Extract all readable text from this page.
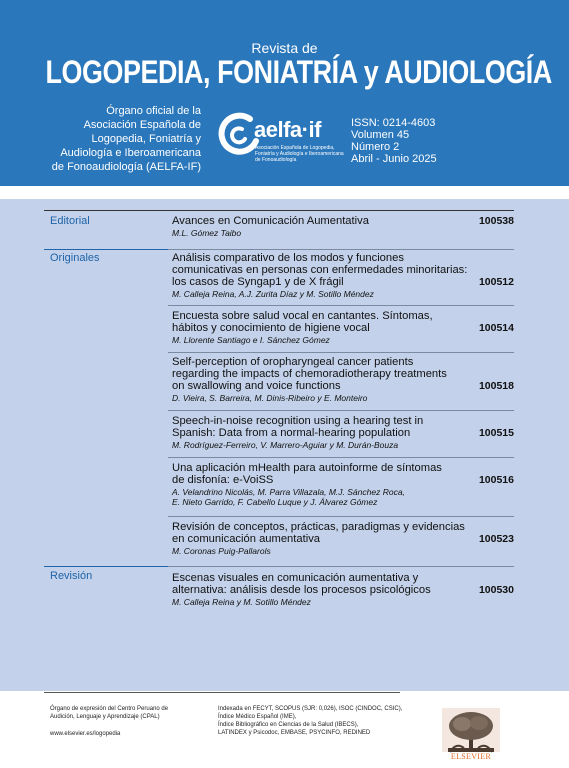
Revista de
LOGOPEDIA, FONIATRÍA y AUDIOLOGÍA
Órgano oficial de la
Asociación Española de
Logopedia, Foniatría y
Audiología e Iberoamericana
de Fonoaudiología (AELFA-IF)
aelfa·if
Asociación Española de Logopedia, Foniatría y Audiología e Iberoamericana de Fonoaudiología
ISSN: 0214-4603
Volumen 45
Número 2
Abril - Junio 2025
Editorial	Avances en Comunicación Aumentativa
M.L. Gómez Taibo
100538
Originales	Análisis comparativo de los modos y funciones
comunicativas en personas con enfermedades minoritarias:
los casos de Syngap1 y de X frágil
M. Calleja Reina, A.J. Zurita Díaz y M. Sotillo Méndez
100512
Encuesta sobre salud vocal en cantantes. Síntomas,
hábitos y conocimiento de higiene vocal
M. Llorente Santiago e I. Sánchez Gómez
100514
Self-perception of oropharyngeal cancer patients
regarding the impacts of chemoradiotherapy treatments
on swallowing and voice functions
D. Vieira, S. Barreira, M. Dinis-Ribeiro y E. Monteiro
100518
Speech-in-noise recognition using a hearing test in
Spanish: Data from a normal-hearing population
M. Rodríguez-Ferreiro, V. Marrero-Aguiar y M. Durán-Bouza
100515
Una aplicación mHealth para autoinforme de síntomas
de disfonía: e-VoiSS
A. Velandrino Nicolás, M. Parra Villazala, M.J. Sánchez Roca,
E. Nieto Garrido, F. Cabello Luque y J. Álvarez Gómez
100516
Revisión de conceptos, prácticas, paradigmas y evidencias
en comunicación aumentativa
M. Coronas Puig-Pallarols
100523
Revisión	Escenas visuales en comunicación aumentativa y
alternativa: análisis desde los procesos psicológicos
M. Calleja Reina y M. Sotillo Méndez
100530
Órgano de expresión del Centro Peruano de
Audición, Lenguaje y Aprendizaje (CPAL)
www.elsevier.es/logopedia
Indexada en FECYT, SCOPUS (SJR: 0,026), ISOC (CINDOC, CSIC),
Índice Médico Español (IME),
Índice Bibliográfico en Ciencias de la Salud (IBECS),
LATINDEX y Psicodoc, EMBASE, PSYCINFO, REDINED
ELSEVIER
